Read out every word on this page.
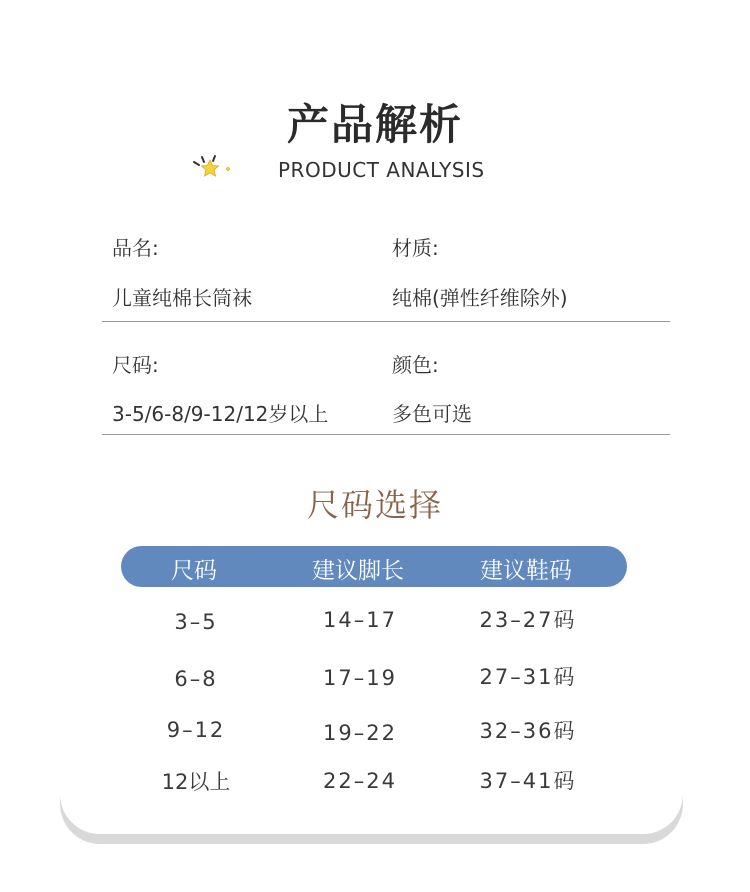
产品解析
PRODUCT ANALYSIS
品名:
儿童纯棉长筒袜
材质:
纯棉(弹性纤维除外)
尺码:
3-5/6-8/9-12/12岁以上
颜色:
多色可选
尺码选择
尺码	建议脚长	建议鞋码
3–5	14–17	23–27码
6–8	17–19	27–31码
9–12	19–22	32–36码
12以上	22–24	37–41码
